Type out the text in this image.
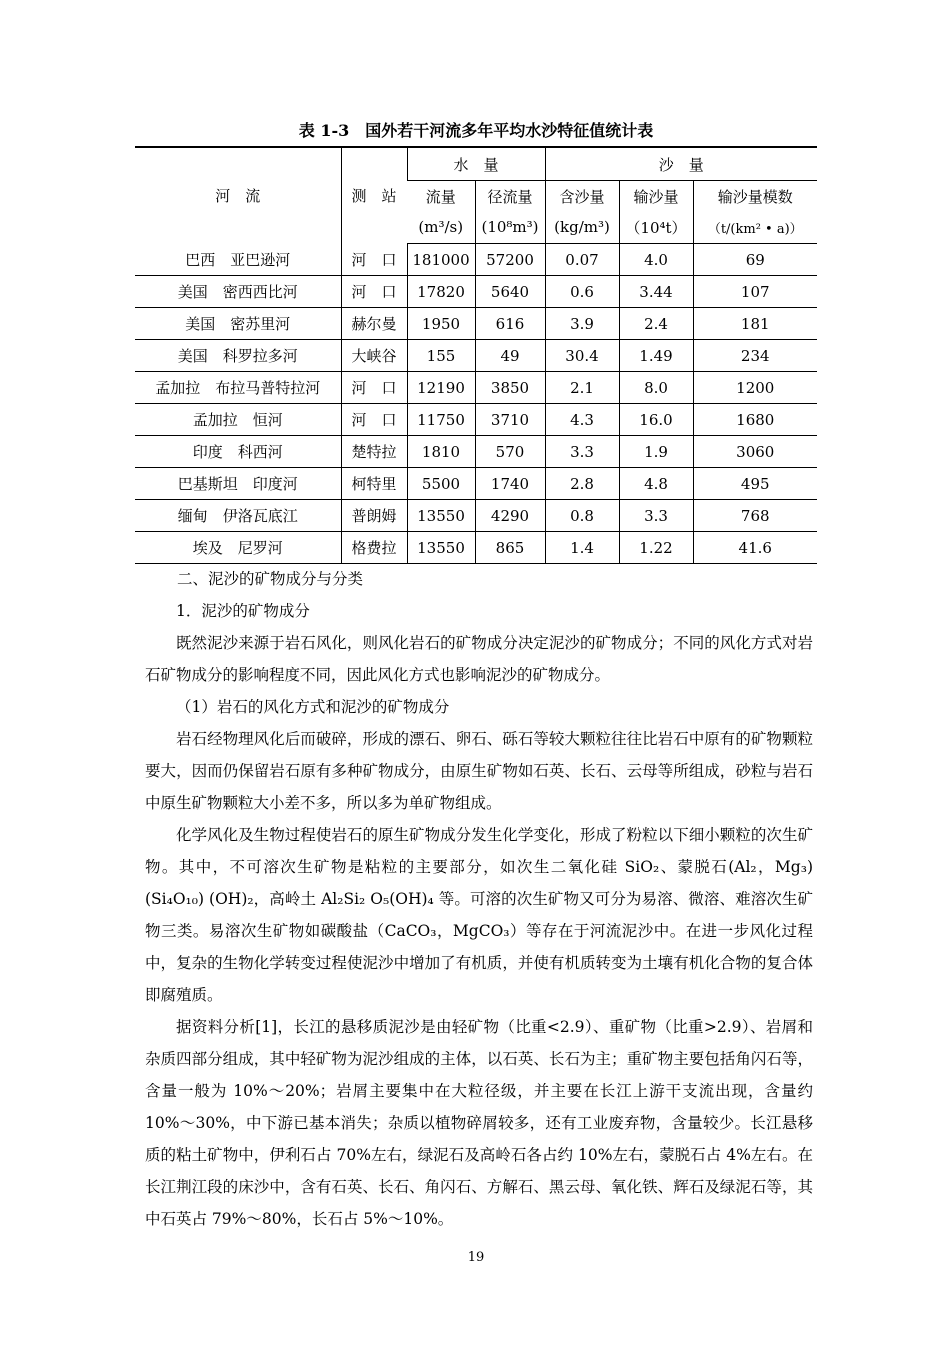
表 1-3　国外若干河流多年平均水沙特征值统计表
河　流	测　站	水　量		沙　量		
		流量	径流量	含沙量	输沙量	输沙量模数
		(m³/s)	(10⁸m³)	(kg/m³)	（10⁴t）	（t/(km² • a)）
巴西　亚巴逊河	河　口	181000	57200	0.07	4.0	69
美国　密西西比河	河　口	17820	5640	0.6	3.44	107
美国　密苏里河	赫尔曼	1950	616	3.9	2.4	181
美国　科罗拉多河	大峡谷	155	49	30.4	1.49	234
孟加拉　布拉马普特拉河	河　口	12190	3850	2.1	8.0	1200
孟加拉　恒河	河　口	11750	3710	4.3	16.0	1680
印度　科西河	楚特拉	1810	570	3.3	1.9	3060
巴基斯坦　印度河	柯特里	5500	1740	2.8	4.8	495
缅甸　伊洛瓦底江	普朗姆	13550	4290	0.8	3.3	768
埃及　尼罗河	格费拉	13550	865	1.4	1.22	41.6

二、泥沙的矿物成分与分类

1．泥沙的矿物成分

既然泥沙来源于岩石风化，则风化岩石的矿物成分决定泥沙的矿物成分；不同的风化方式对岩石矿物成分的影响程度不同，因此风化方式也影响泥沙的矿物成分。

（1）岩石的风化方式和泥沙的矿物成分

岩石经物理风化后而破碎，形成的漂石、卵石、砾石等较大颗粒往往比岩石中原有的矿物颗粒要大，因而仍保留岩石原有多种矿物成分，由原生矿物如石英、长石、云母等所组成，砂粒与岩石中原生矿物颗粒大小差不多，所以多为单矿物组成。

化学风化及生物过程使岩石的原生矿物成分发生化学变化，形成了粉粒以下细小颗粒的次生矿物。其中，不可溶次生矿物是粘粒的主要部分，如次生二氧化硅 SiO₂、蒙脱石(Al₂，Mg₃) (Si₄O₁₀) (OH)₂，高岭土 Al₂Si₂ O₅(OH)₄ 等。可溶的次生矿物又可分为易溶、微溶、难溶次生矿物三类。易溶次生矿物如碳酸盐（CaCO₃，MgCO₃）等存在于河流泥沙中。在进一步风化过程中，复杂的生物化学转变过程使泥沙中增加了有机质，并使有机质转变为土壤有机化合物的复合体即腐殖质。

据资料分析[1]，长江的悬移质泥沙是由轻矿物（比重<2.9）、重矿物（比重>2.9）、岩屑和杂质四部分组成，其中轻矿物为泥沙组成的主体，以石英、长石为主；重矿物主要包括角闪石等，含量一般为 10%～20%；岩屑主要集中在大粒径级，并主要在长江上游干支流出现，含量约 10%～30%，中下游已基本消失；杂质以植物碎屑较多，还有工业废弃物，含量较少。长江悬移质的粘土矿物中，伊利石占 70%左右，绿泥石及高岭石各占约 10%左右，蒙脱石占 4%左右。在长江荆江段的床沙中，含有石英、长石、角闪石、方解石、黑云母、氧化铁、辉石及绿泥石等，其中石英占 79%～80%，长石占 5%～10%。

19
